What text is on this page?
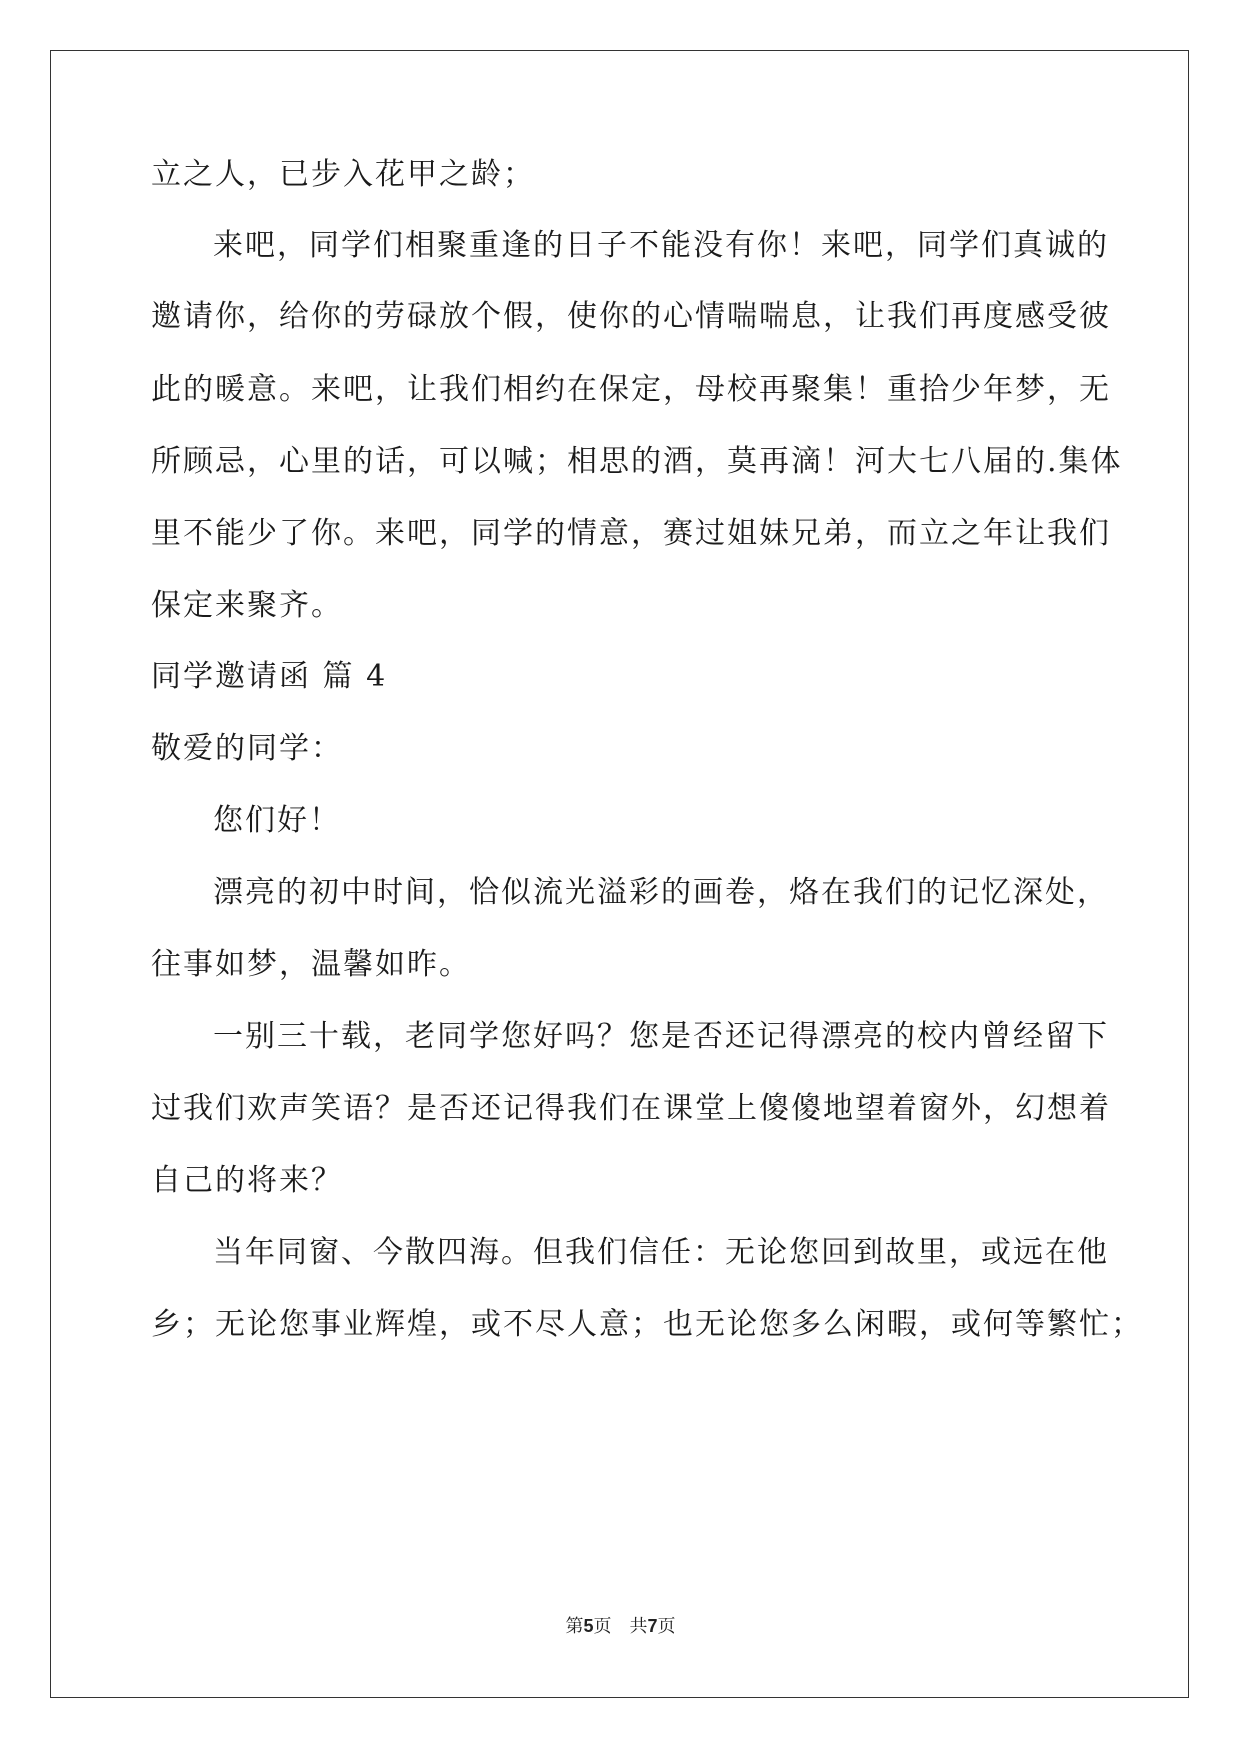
立之人，已步入花甲之龄；
来吧，同学们相聚重逢的日子不能没有你！来吧，同学们真诚的
邀请你，给你的劳碌放个假，使你的心情喘喘息，让我们再度感受彼
此的暖意。来吧，让我们相约在保定，母校再聚集！重拾少年梦，无
所顾忌，心里的话，可以喊；相思的酒，莫再滴！河大七八届的.集体
里不能少了你。来吧，同学的情意，赛过姐妹兄弟，而立之年让我们
保定来聚齐。
同学邀请函 篇 4
敬爱的同学：
您们好！
漂亮的初中时间，恰似流光溢彩的画卷，烙在我们的记忆深处，
往事如梦，温馨如昨。
一别三十载，老同学您好吗？您是否还记得漂亮的校内曾经留下
过我们欢声笑语？是否还记得我们在课堂上傻傻地望着窗外，幻想着
自己的将来？
当年同窗、今散四海。但我们信任：无论您回到故里，或远在他
乡；无论您事业辉煌，或不尽人意；也无论您多么闲暇，或何等繁忙；
第5页　共7页
